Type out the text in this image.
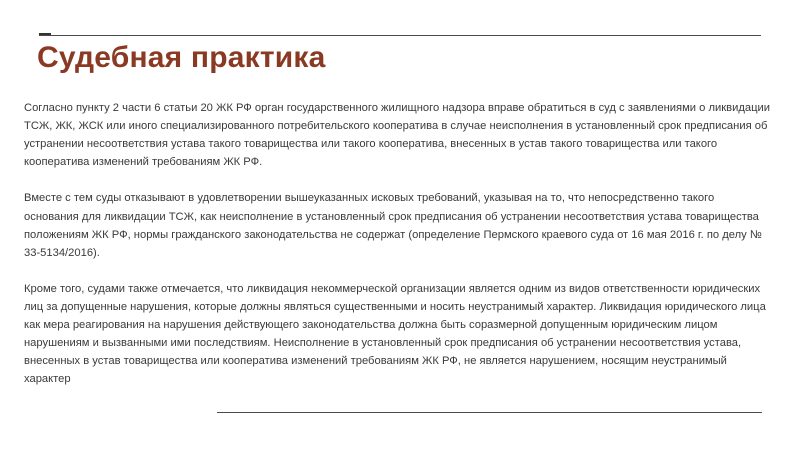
Судебная практика

Согласно пункту 2 части 6 статьи 20 ЖК РФ орган государственного жилищного надзора вправе обратиться в суд с заявлениями о ликвидации ТСЖ, ЖК, ЖСК или иного специализированного потребительского кооператива в случае неисполнения в установленный срок предписания об устранении несоответствия устава такого товарищества или такого кооператива, внесенных в устав такого товарищества или такого кооператива изменений требованиям ЖК РФ.

Вместе с тем суды отказывают в удовлетворении вышеуказанных исковых требований, указывая на то, что непосредственно такого основания для ликвидации ТСЖ, как неисполнение в установленный срок предписания об устранении несоответствия устава товарищества положениям ЖК РФ, нормы гражданского законодательства не содержат (определение Пермского краевого суда от 16 мая 2016 г. по делу № 33-5134/2016).

Кроме того, судами также отмечается, что ликвидация некоммерческой организации является одним из видов ответственности юридических лиц за допущенные нарушения, которые должны являться существенными и носить неустранимый характер. Ликвидация юридического лица как мера реагирования на нарушения действующего законодательства должна быть соразмерной допущенным юридическим лицом нарушениям и вызванными ими последствиям. Неисполнение в установленный срок предписания об устранении несоответствия устава, внесенных в устав товарищества или кооператива изменений требованиям ЖК РФ, не является нарушением, носящим неустранимый характер
